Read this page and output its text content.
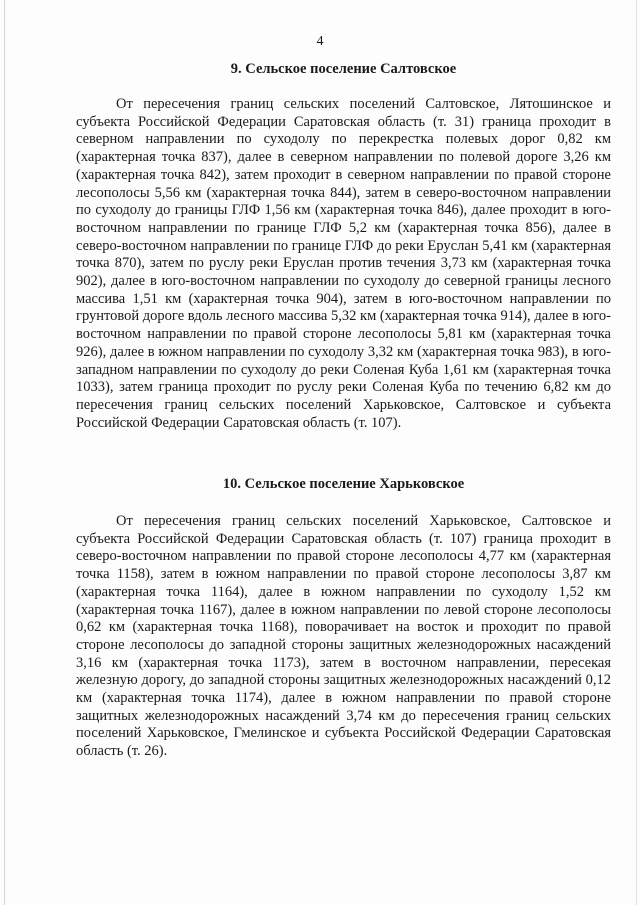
4
9. Сельское поселение Салтовское

От пересечения границ сельских поселений Салтовское, Лятошинское и субъекта Российской Федерации Саратовская область (т. 31) граница проходит в северном направлении по суходолу по перекрестка полевых дорог 0,82 км (характерная точка 837), далее в северном направлении по полевой дороге 3,26 км (характерная точка 842), затем проходит в северном направлении по правой стороне лесополосы 5,56 км (характерная точка 844), затем в северо-восточном направлении по суходолу до границы ГЛФ 1,56 км (характерная точка 846), далее проходит в юго-восточном направлении по границе ГЛФ 5,2 км (характерная точка 856), далее в северо-восточном направлении по границе ГЛФ до реки Еруслан 5,41 км (характерная точка 870), затем по руслу реки Еруслан против течения 3,73 км (характерная точка 902), далее в юго-восточном направлении по суходолу до северной границы лесного массива 1,51 км (характерная точка 904), затем в юго-восточном направлении по грунтовой дороге вдоль лесного массива 5,32 км (характерная точка 914), далее в юго-восточном направлении по правой стороне лесополосы 5,81 км (характерная точка 926), далее в южном направлении по суходолу 3,32 км (характерная точка 983), в юго-западном направлении по суходолу до реки Соленая Куба 1,61 км (характерная точка 1033), затем граница проходит по руслу реки Соленая Куба по течению 6,82 км до пересечения границ сельских поселений Харьковское, Салтовское и субъекта Российской Федерации Саратовская область (т. 107).

10. Сельское поселение Харьковское

От пересечения границ сельских поселений Харьковское, Салтовское и субъекта Российской Федерации Саратовская область (т. 107) граница проходит в северо-восточном направлении по правой стороне лесополосы 4,77 км (характерная точка 1158), затем в южном направлении по правой стороне лесополосы 3,87 км (характерная точка 1164), далее в южном направлении по суходолу 1,52 км (характерная точка 1167), далее в южном направлении по левой стороне лесополосы 0,62 км (характерная точка 1168), поворачивает на восток и проходит по правой стороне лесополосы до западной стороны защитных железнодорожных насаждений 3,16 км (характерная точка 1173), затем в восточном направлении, пересекая железную дорогу, до западной стороны защитных железнодорожных насаждений 0,12 км (характерная точка 1174), далее в южном направлении по правой стороне защитных железнодорожных насаждений 3,74 км до пересечения границ сельских поселений Харьковское, Гмелинское и субъекта Российской Федерации Саратовская область (т. 26).
